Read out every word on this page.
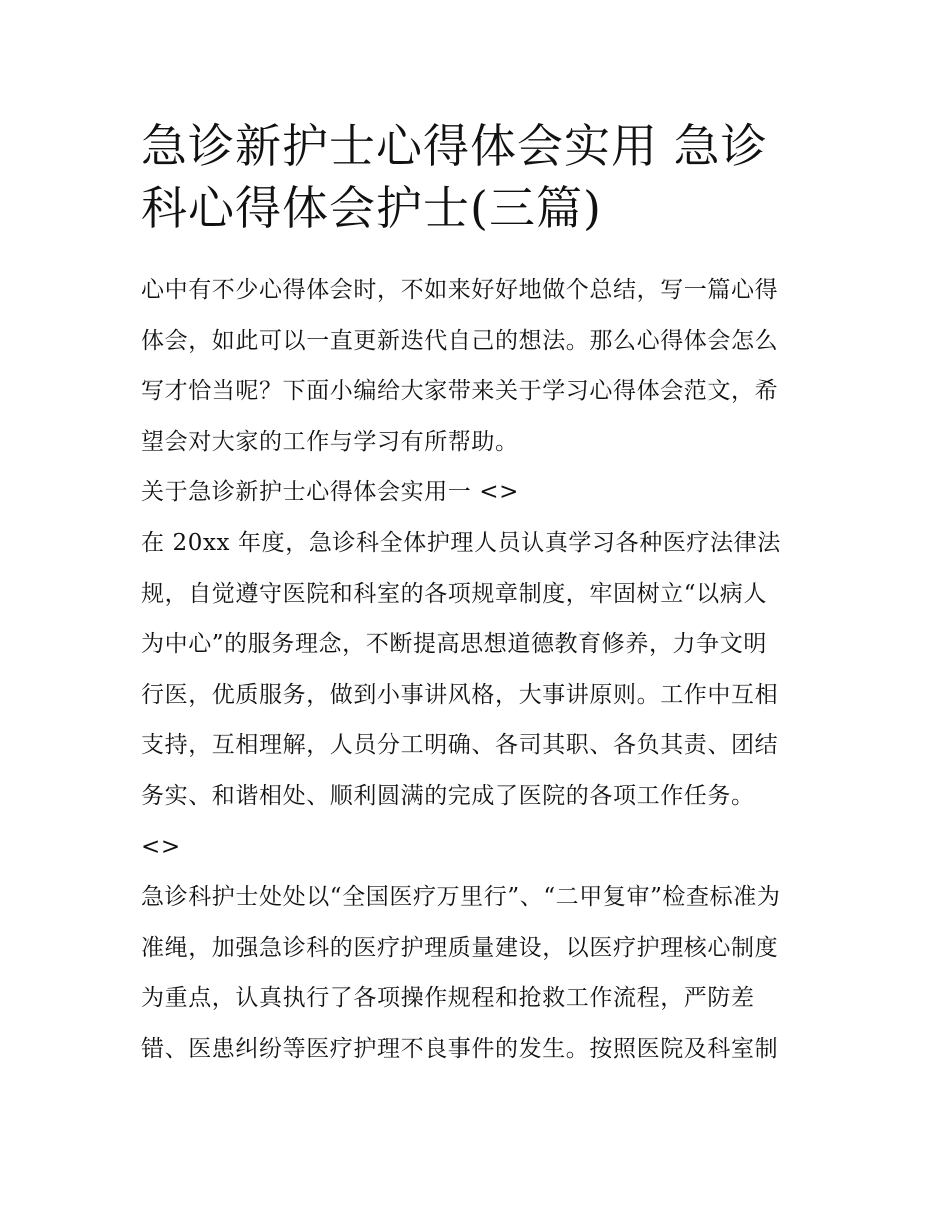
急诊新护士心得体会实用 急诊
科心得体会护士(三篇)
心中有不少心得体会时，不如来好好地做个总结，写一篇心得
体会，如此可以一直更新迭代自己的想法。那么心得体会怎么
写才恰当呢？下面小编给大家带来关于学习心得体会范文，希
望会对大家的工作与学习有所帮助。
关于急诊新护士心得体会实用一 <>
在 20xx 年度，急诊科全体护理人员认真学习各种医疗法律法
规，自觉遵守医院和科室的各项规章制度，牢固树立“以病人
为中心”的服务理念，不断提高思想道德教育修养，力争文明
行医，优质服务，做到小事讲风格，大事讲原则。工作中互相
支持，互相理解，人员分工明确、各司其职、各负其责、团结
务实、和谐相处、顺利圆满的完成了医院的各项工作任务。
<>
急诊科护士处处以“全国医疗万里行”、“二甲复审”检查标准为
准绳，加强急诊科的医疗护理质量建设，以医疗护理核心制度
为重点，认真执行了各项操作规程和抢救工作流程，严防差
错、医患纠纷等医疗护理不良事件的发生。按照医院及科室制
